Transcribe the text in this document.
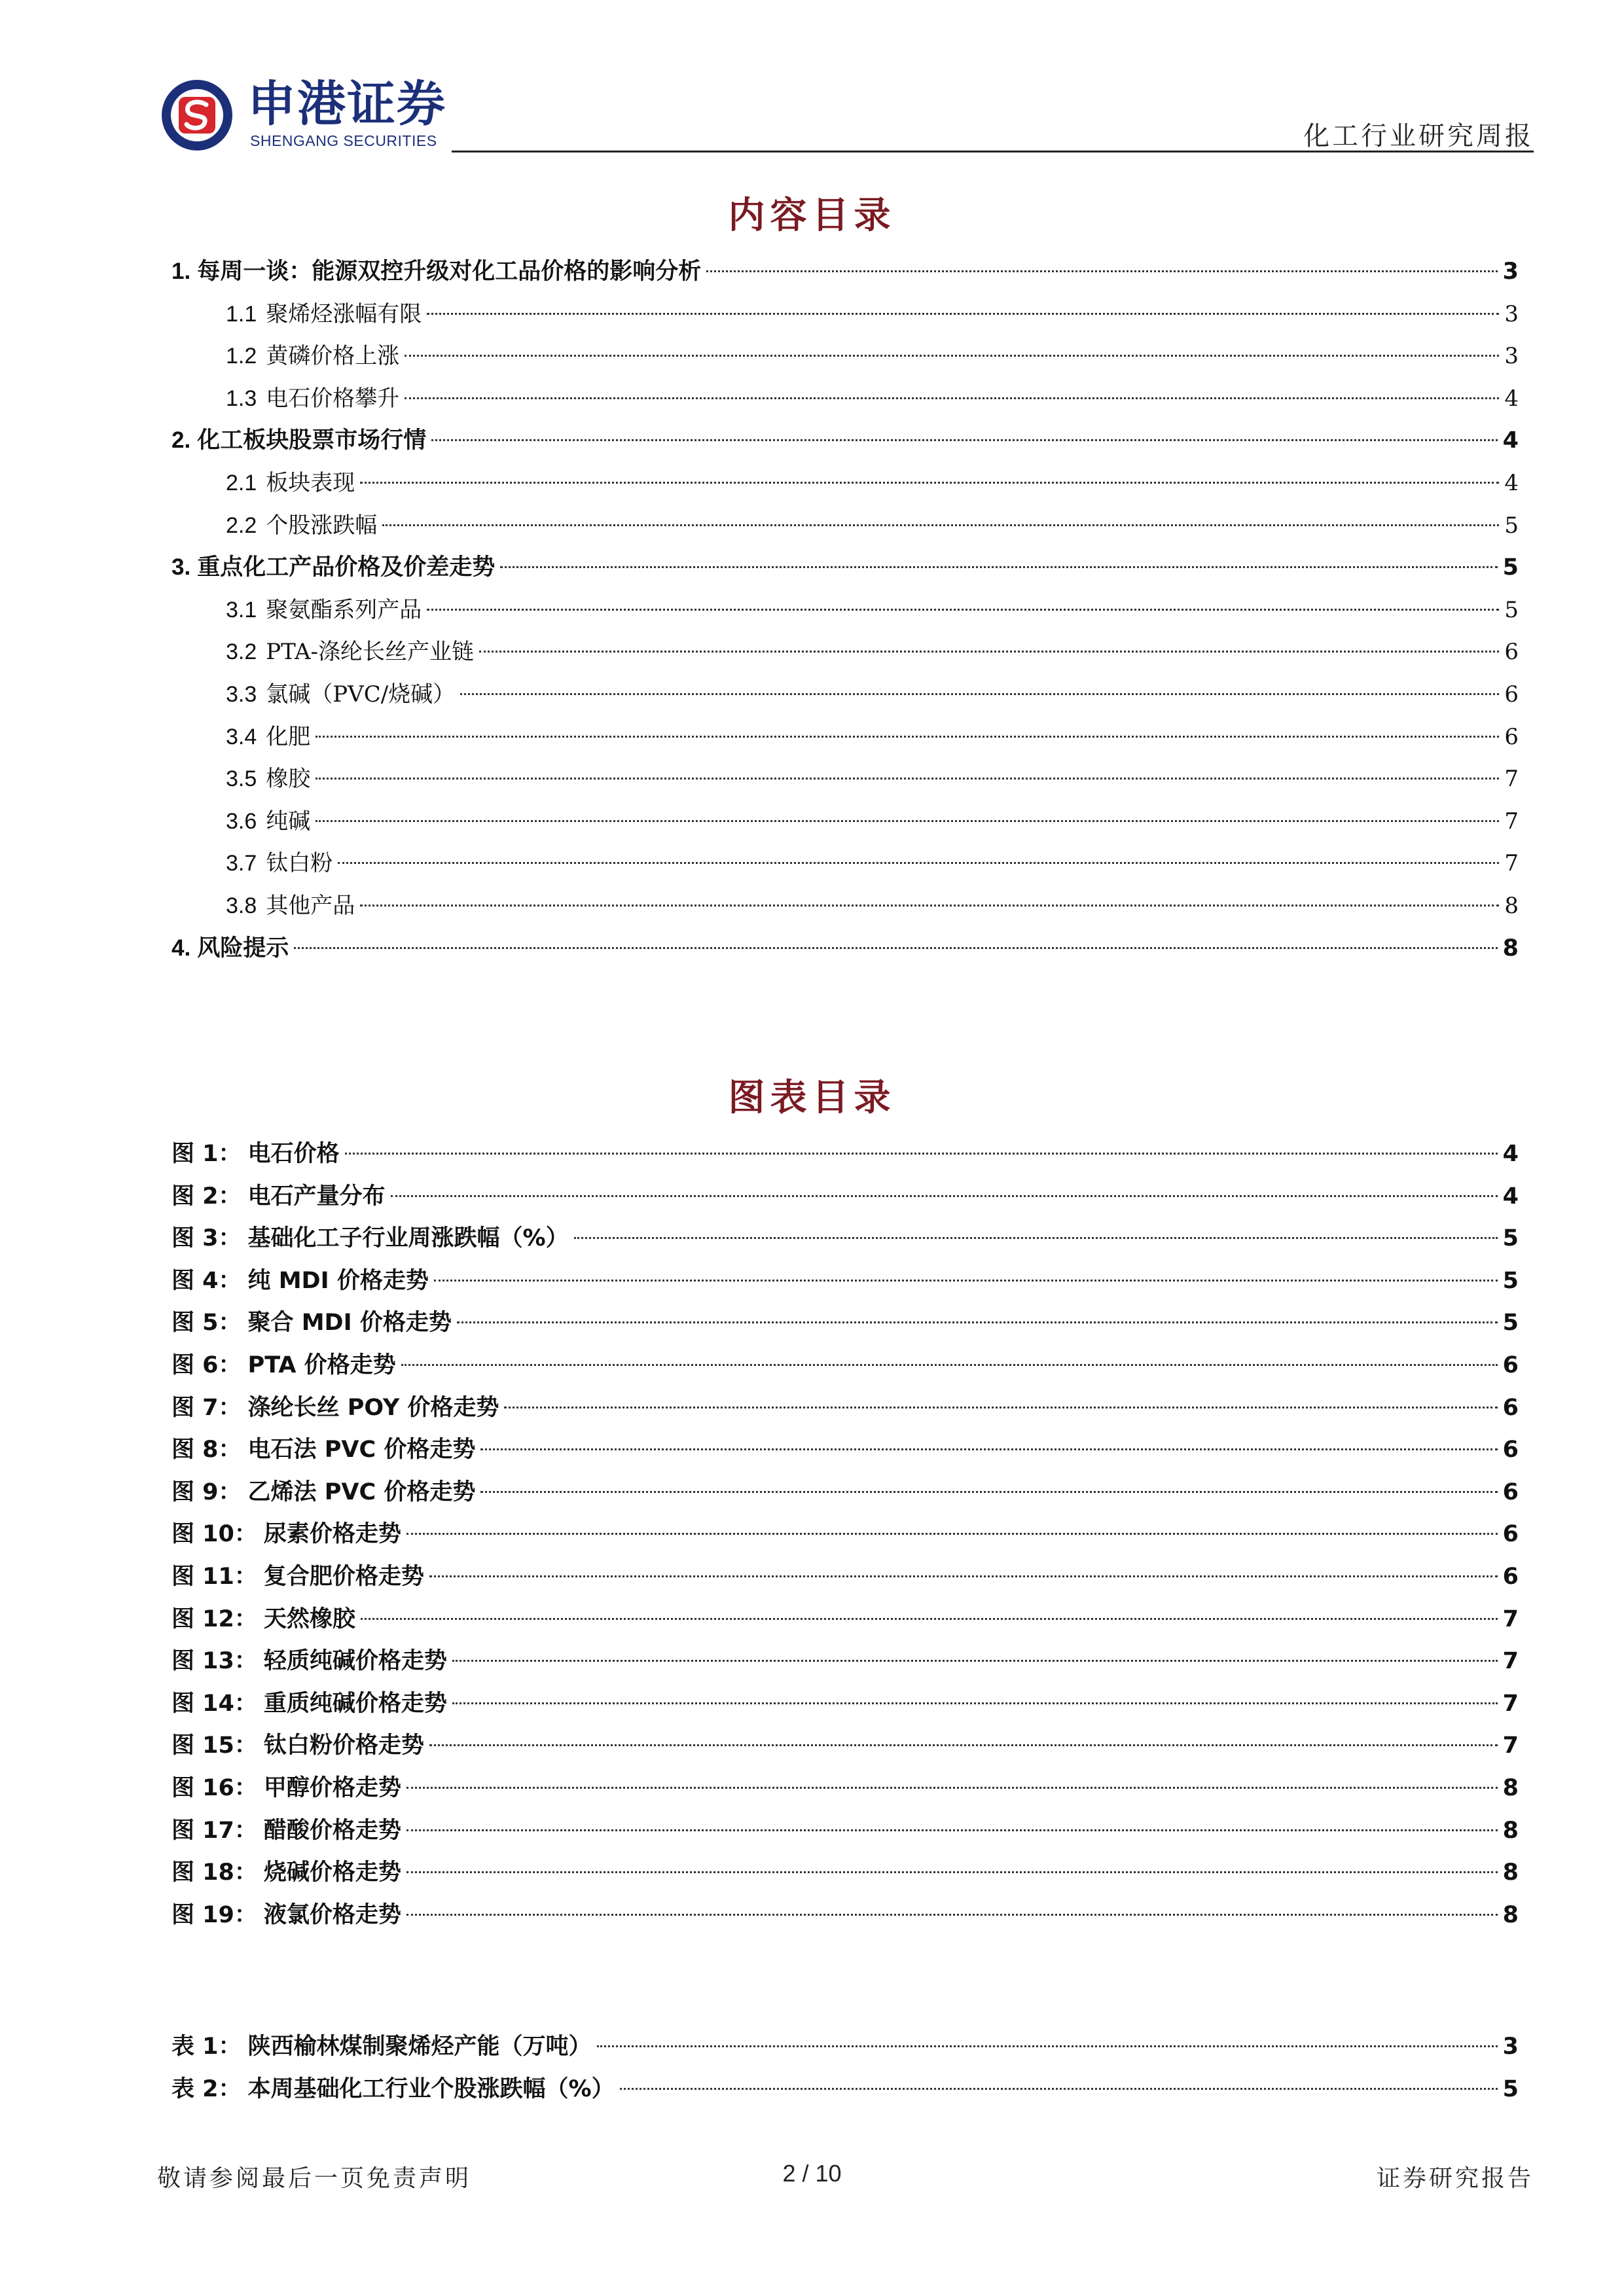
申港证券
SHENGANG SECURITIES	化工行业研究周报
内容目录
1. 每周一谈：能源双控升级对化工品价格的影响分析	3
1.1 聚烯烃涨幅有限	3
1.2 黄磷价格上涨	3
1.3 电石价格攀升	4
2. 化工板块股票市场行情	4
2.1 板块表现	4
2.2 个股涨跌幅	5
3. 重点化工产品价格及价差走势	5
3.1 聚氨酯系列产品	5
3.2 PTA-涤纶长丝产业链	6
3.3 氯碱（PVC/烧碱）	6
3.4 化肥	6
3.5 橡胶	7
3.6 纯碱	7
3.7 钛白粉	7
3.8 其他产品	8
4. 风险提示	8
图表目录
图 1： 电石价格	4
图 2： 电石产量分布	4
图 3： 基础化工子行业周涨跌幅（%）	5
图 4： 纯 MDI 价格走势	5
图 5： 聚合 MDI 价格走势	5
图 6： PTA 价格走势	6
图 7： 涤纶长丝 POY 价格走势	6
图 8： 电石法 PVC 价格走势	6
图 9： 乙烯法 PVC 价格走势	6
图 10： 尿素价格走势	6
图 11： 复合肥价格走势	6
图 12： 天然橡胶	7
图 13： 轻质纯碱价格走势	7
图 14： 重质纯碱价格走势	7
图 15： 钛白粉价格走势	7
图 16： 甲醇价格走势	8
图 17： 醋酸价格走势	8
图 18： 烧碱价格走势	8
图 19： 液氯价格走势	8
表 1： 陕西榆林煤制聚烯烃产能（万吨）	3
表 2： 本周基础化工行业个股涨跌幅（%）	5
敬请参阅最后一页免责声明	2 / 10	证券研究报告
